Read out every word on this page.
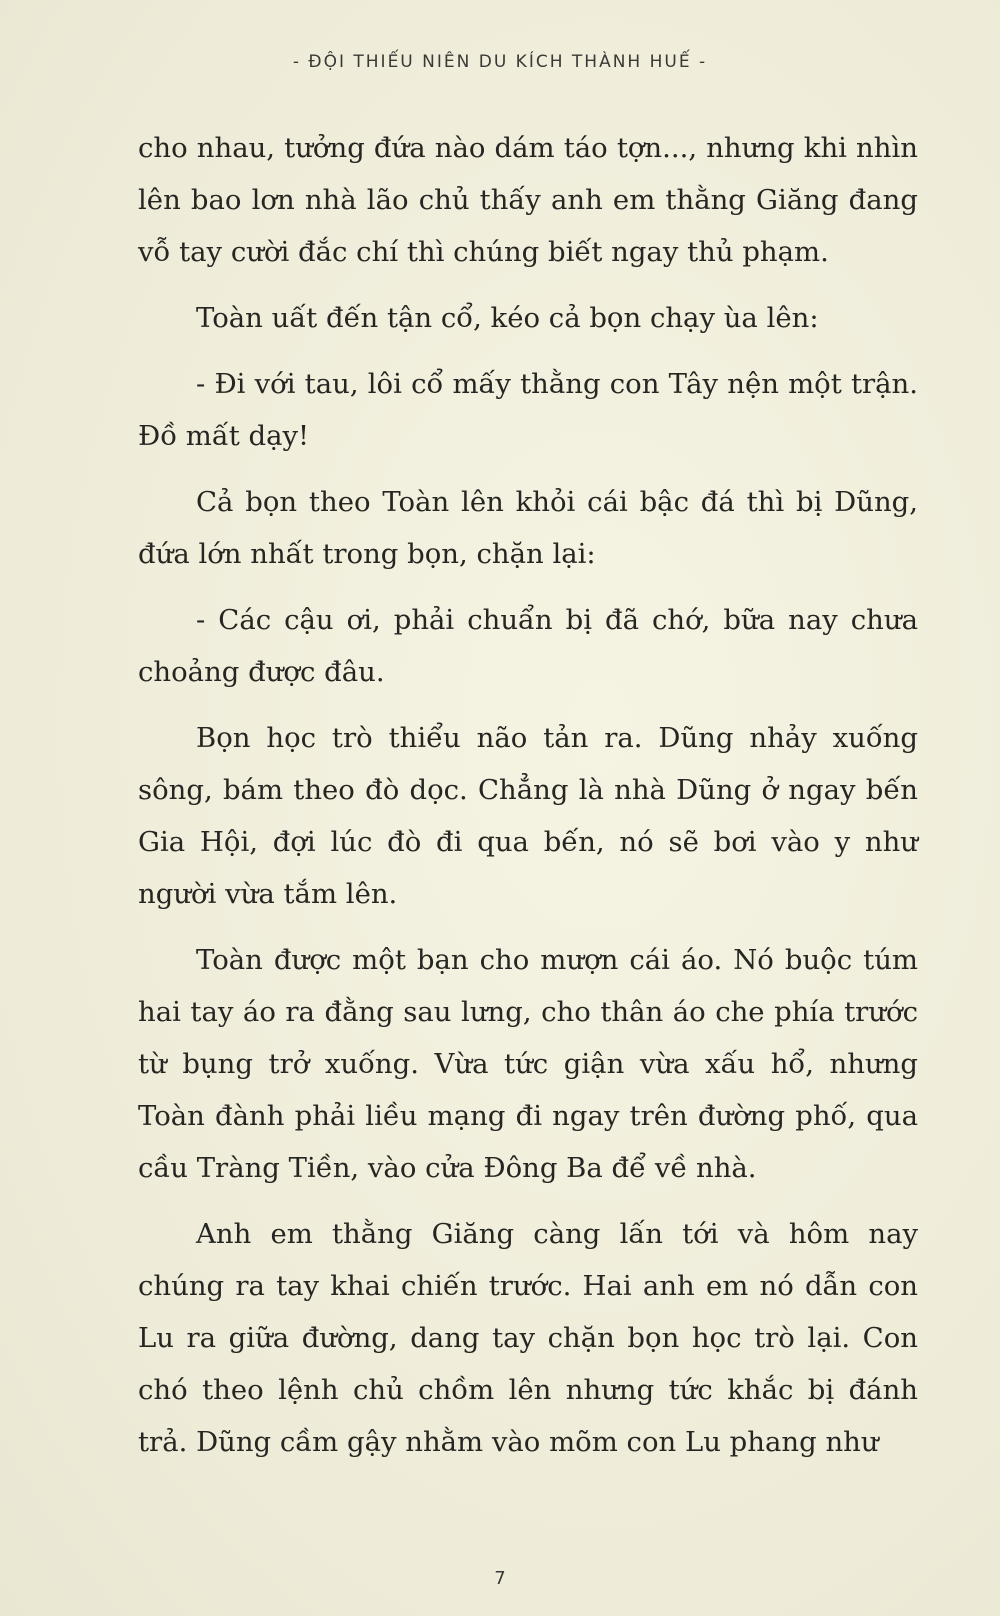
- ĐỘI THIẾU NIÊN DU KÍCH THÀNH HUẾ -

cho nhau, tưởng đứa nào dám táo tợn..., nhưng khi nhìn lên bao lơn nhà lão chủ thấy anh em thằng Giăng đang vỗ tay cười đắc chí thì chúng biết ngay thủ phạm.

Toàn uất đến tận cổ, kéo cả bọn chạy ùa lên:

- Đi với tau, lôi cổ mấy thằng con Tây nện một trận. Đồ mất dạy!

Cả bọn theo Toàn lên khỏi cái bậc đá thì bị Dũng, đứa lớn nhất trong bọn, chặn lại:

- Các cậu ơi, phải chuẩn bị đã chớ, bữa nay chưa choảng được đâu.

Bọn học trò thiểu não tản ra. Dũng nhảy xuống sông, bám theo đò dọc. Chẳng là nhà Dũng ở ngay bến Gia Hội, đợi lúc đò đi qua bến, nó sẽ bơi vào y như người vừa tắm lên.

Toàn được một bạn cho mượn cái áo. Nó buộc túm hai tay áo ra đằng sau lưng, cho thân áo che phía trước từ bụng trở xuống. Vừa tức giận vừa xấu hổ, nhưng Toàn đành phải liều mạng đi ngay trên đường phố, qua cầu Tràng Tiền, vào cửa Đông Ba để về nhà.

Anh em thằng Giăng càng lấn tới và hôm nay chúng ra tay khai chiến trước. Hai anh em nó dẫn con Lu ra giữa đường, dang tay chặn bọn học trò lại. Con chó theo lệnh chủ chồm lên nhưng tức khắc bị đánh trả. Dũng cầm gậy nhằm vào mõm con Lu phang như

7
